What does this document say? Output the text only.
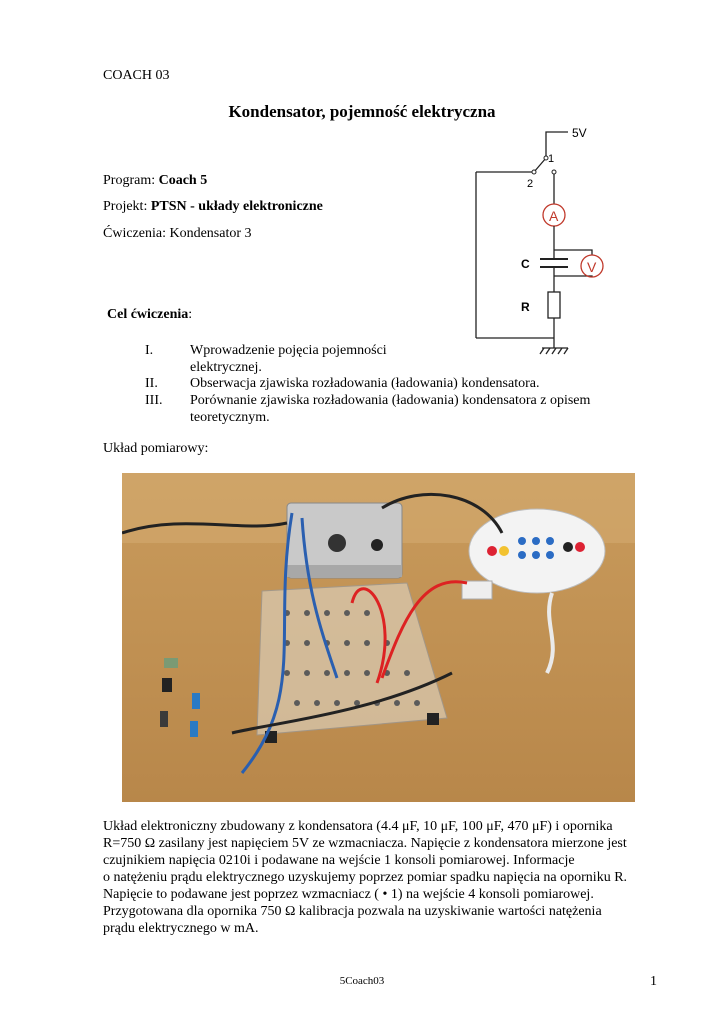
COACH 03
Kondensator, pojemność elektryczna
Program: Coach 5
Projekt: PTSN - układy elektroniczne
Ćwiczenia: Kondensator 3
5V
1
2
A
V
C
R
Cel ćwiczenia:
I.	Wprowadzenie pojęcia pojemności elektrycznej.
II. Obserwacja zjawiska rozładowania (ładowania) kondensatora.
III. Porównanie zjawiska rozładowania (ładowania) kondensatora z opisem teoretycznym.
Układ pomiarowy:
Układ elektroniczny zbudowany z kondensatora (4.4 μF, 10 μF, 100 μF, 470 μF) i opornika
R=750 Ω zasilany jest napięciem 5V ze wzmacniacza. Napięcie z kondensatora mierzone jest
czujnikiem napięcia 0210i i podawane na wejście 1 konsoli pomiarowej. Informacje
o natężeniu prądu elektrycznego uzyskujemy poprzez pomiar spadku napięcia na oporniku R.
Napięcie to podawane jest poprzez wzmacniacz ( • 1) na wejście 4 konsoli pomiarowej.
Przygotowana dla opornika 750 Ω kalibracja pozwala na uzyskiwanie wartości natężenia
prądu elektrycznego w mA.
5Coach03	1
